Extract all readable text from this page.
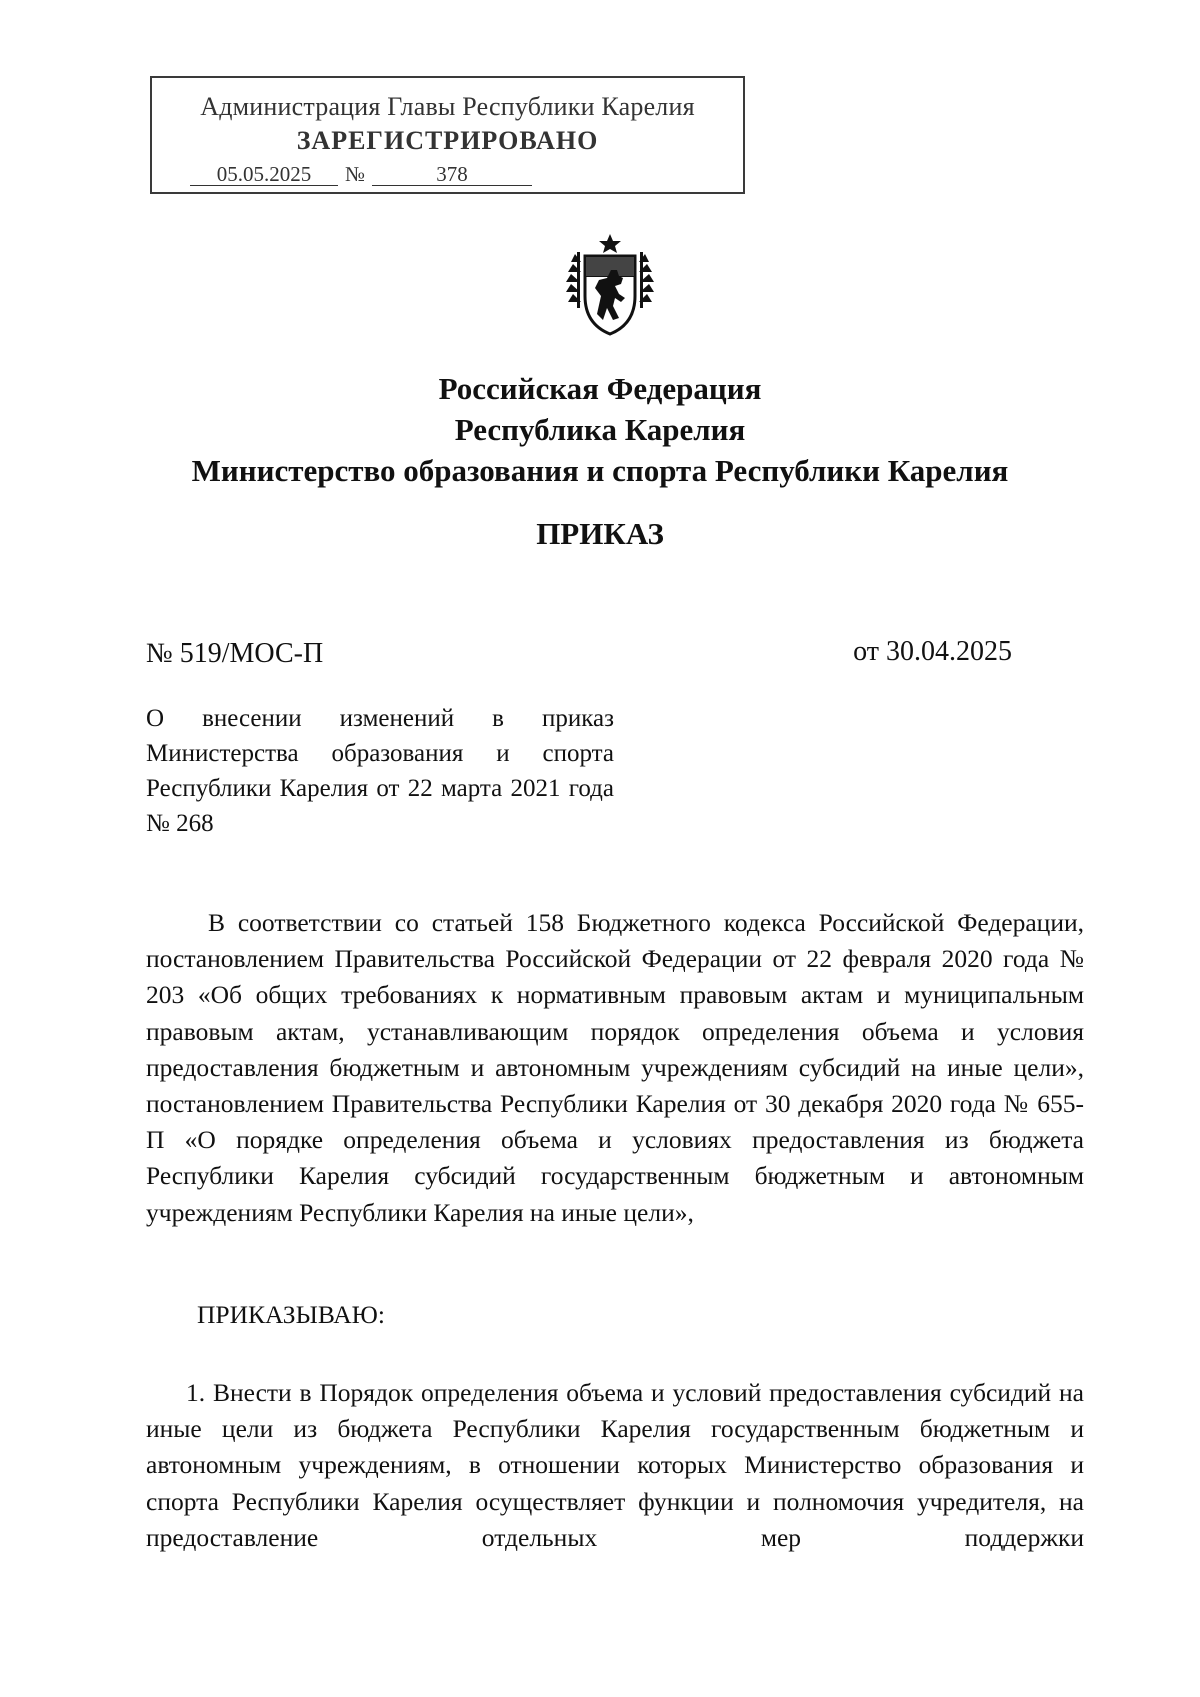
Администрация Главы Республики Карелия
ЗАРЕГИСТРИРОВАНО
05.05.2025 №	378
Российская Федерация
Республика Карелия
Министерство образования и спорта Республики Карелия
ПРИКАЗ
№ 519/МОС-П	от 30.04.2025
О внесении изменений в приказ Министерства образования и спорта Республики Карелия от 22 марта 2021 года № 268
В соответствии со статьей 158 Бюджетного кодекса Российской Федерации, постановлением Правительства Российской Федерации от 22 февраля 2020 года № 203 «Об общих требованиях к нормативным правовым актам и муниципальным правовым актам, устанавливающим порядок определения объема и условия предоставления бюджетным и автономным учреждениям субсидий на иные цели», постановлением Правительства Республики Карелия от 30 декабря 2020 года № 655-П «О порядке определения объема и условиях предоставления из бюджета Республики Карелия субсидий государственным бюджетным и автономным учреждениям Республики Карелия на иные цели»,
ПРИКАЗЫВАЮ:
1. Внести в Порядок определения объема и условий предоставления субсидий на иные цели из бюджета Республики Карелия государственным бюджетным и автономным учреждениям, в отношении которых Министерство образования и спорта Республики Карелия осуществляет функции и полномочия учредителя, на предоставление отдельных мер поддержки
